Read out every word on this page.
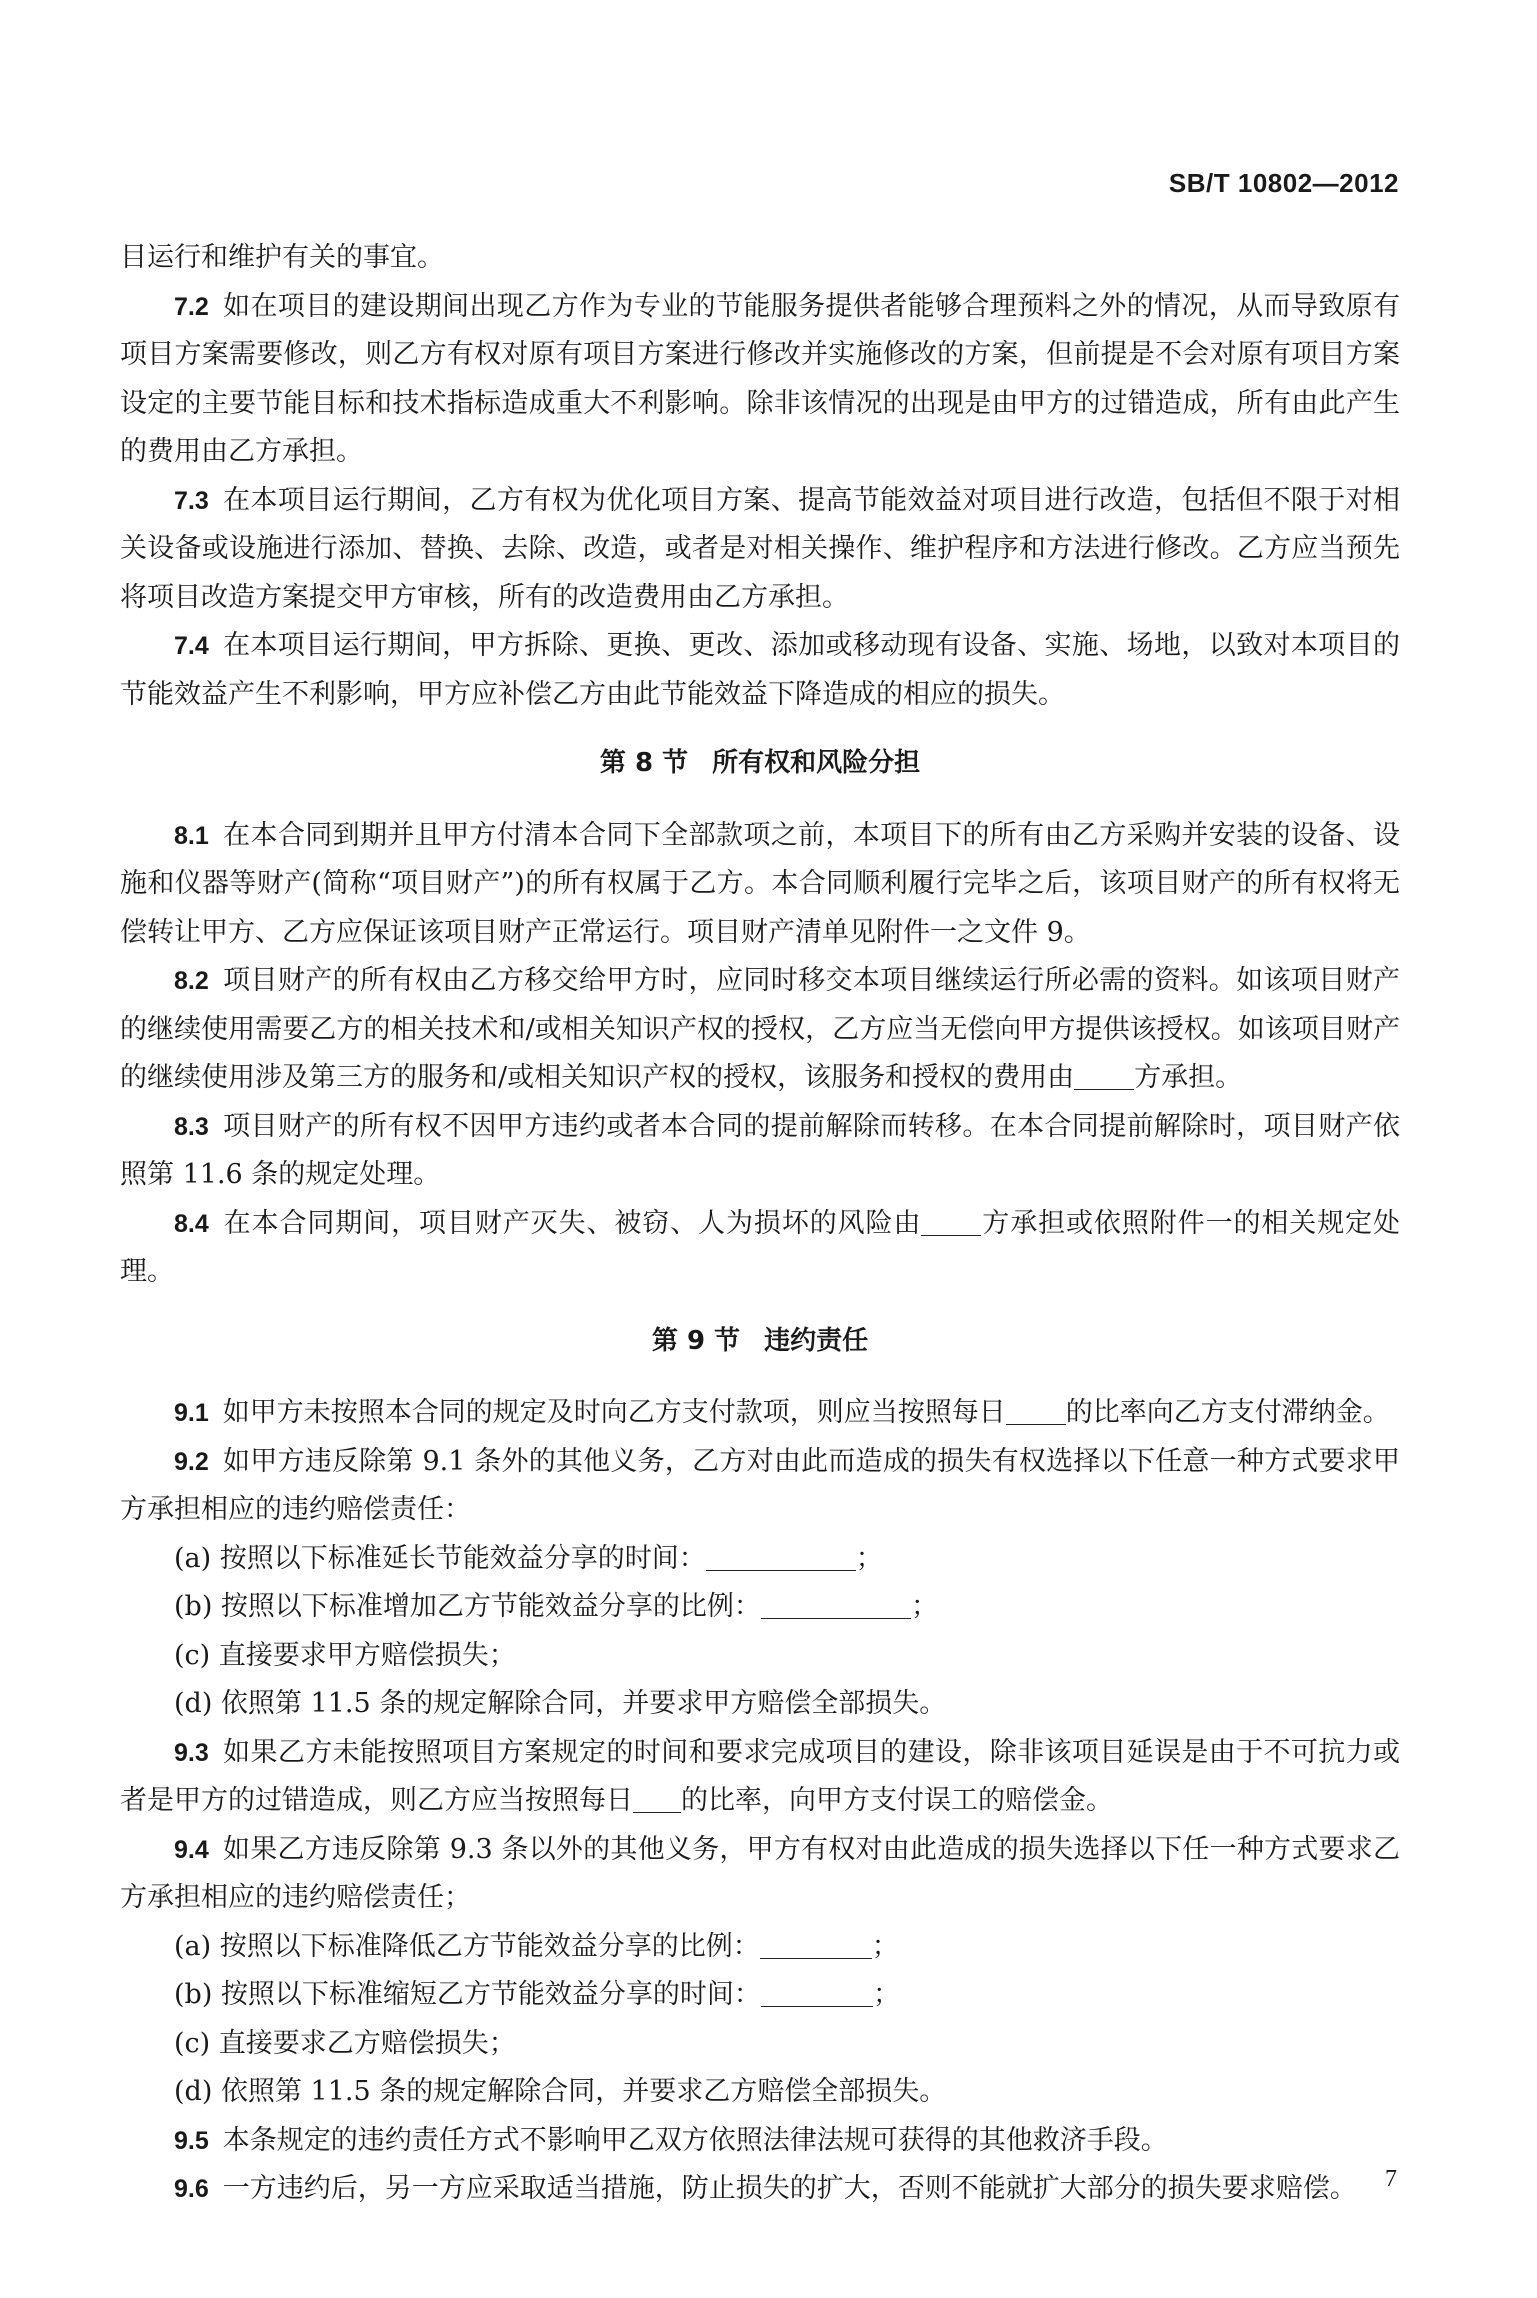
SB/T 10802—2012

目运行和维护有关的事宜。

7.2 如在项目的建设期间出现乙方作为专业的节能服务提供者能够合理预料之外的情况，从而导致原有项目方案需要修改，则乙方有权对原有项目方案进行修改并实施修改的方案，但前提是不会对原有项目方案设定的主要节能目标和技术指标造成重大不利影响。除非该情况的出现是由甲方的过错造成，所有由此产生的费用由乙方承担。

7.3 在本项目运行期间，乙方有权为优化项目方案、提高节能效益对项目进行改造，包括但不限于对相关设备或设施进行添加、替换、去除、改造，或者是对相关操作、维护程序和方法进行修改。乙方应当预先将项目改造方案提交甲方审核，所有的改造费用由乙方承担。

7.4 在本项目运行期间，甲方拆除、更换、更改、添加或移动现有设备、实施、场地，以致对本项目的节能效益产生不利影响，甲方应补偿乙方由此节能效益下降造成的相应的损失。

第 8 节 所有权和风险分担

8.1 在本合同到期并且甲方付清本合同下全部款项之前，本项目下的所有由乙方采购并安装的设备、设施和仪器等财产(简称“项目财产”)的所有权属于乙方。本合同顺利履行完毕之后，该项目财产的所有权将无偿转让甲方、乙方应保证该项目财产正常运行。项目财产清单见附件一之文件 9。

8.2 项目财产的所有权由乙方移交给甲方时，应同时移交本项目继续运行所必需的资料。如该项目财产的继续使用需要乙方的相关技术和/或相关知识产权的授权，乙方应当无偿向甲方提供该授权。如该项目财产的继续使用涉及第三方的服务和/或相关知识产权的授权，该服务和授权的费用由 方承担。

8.3 项目财产的所有权不因甲方违约或者本合同的提前解除而转移。在本合同提前解除时，项目财产依照第 11.6 条的规定处理。

8.4 在本合同期间，项目财产灭失、被窃、人为损坏的风险由 方承担或依照附件一的相关规定处理。

第 9 节 违约责任

9.1 如甲方未按照本合同的规定及时向乙方支付款项，则应当按照每日 的比率向乙方支付滞纳金。

9.2 如甲方违反除第 9.1 条外的其他义务，乙方对由此而造成的损失有权选择以下任意一种方式要求甲方承担相应的违约赔偿责任：

(a) 按照以下标准延长节能效益分享的时间：	；

(b) 按照以下标准增加乙方节能效益分享的比例：	；

(c) 直接要求甲方赔偿损失；

(d) 依照第 11.5 条的规定解除合同，并要求甲方赔偿全部损失。

9.3 如果乙方未能按照项目方案规定的时间和要求完成项目的建设，除非该项目延误是由于不可抗力或者是甲方的过错造成，则乙方应当按照每日 的比率，向甲方支付误工的赔偿金。

9.4 如果乙方违反除第 9.3 条以外的其他义务，甲方有权对由此造成的损失选择以下任一种方式要求乙方承担相应的违约赔偿责任；

(a) 按照以下标准降低乙方节能效益分享的比例：	；

(b) 按照以下标准缩短乙方节能效益分享的时间：	；

(c) 直接要求乙方赔偿损失；

(d) 依照第 11.5 条的规定解除合同，并要求乙方赔偿全部损失。

9.5 本条规定的违约责任方式不影响甲乙双方依照法律法规可获得的其他救济手段。

9.6 一方违约后，另一方应采取适当措施，防止损失的扩大，否则不能就扩大部分的损失要求赔偿。	7
